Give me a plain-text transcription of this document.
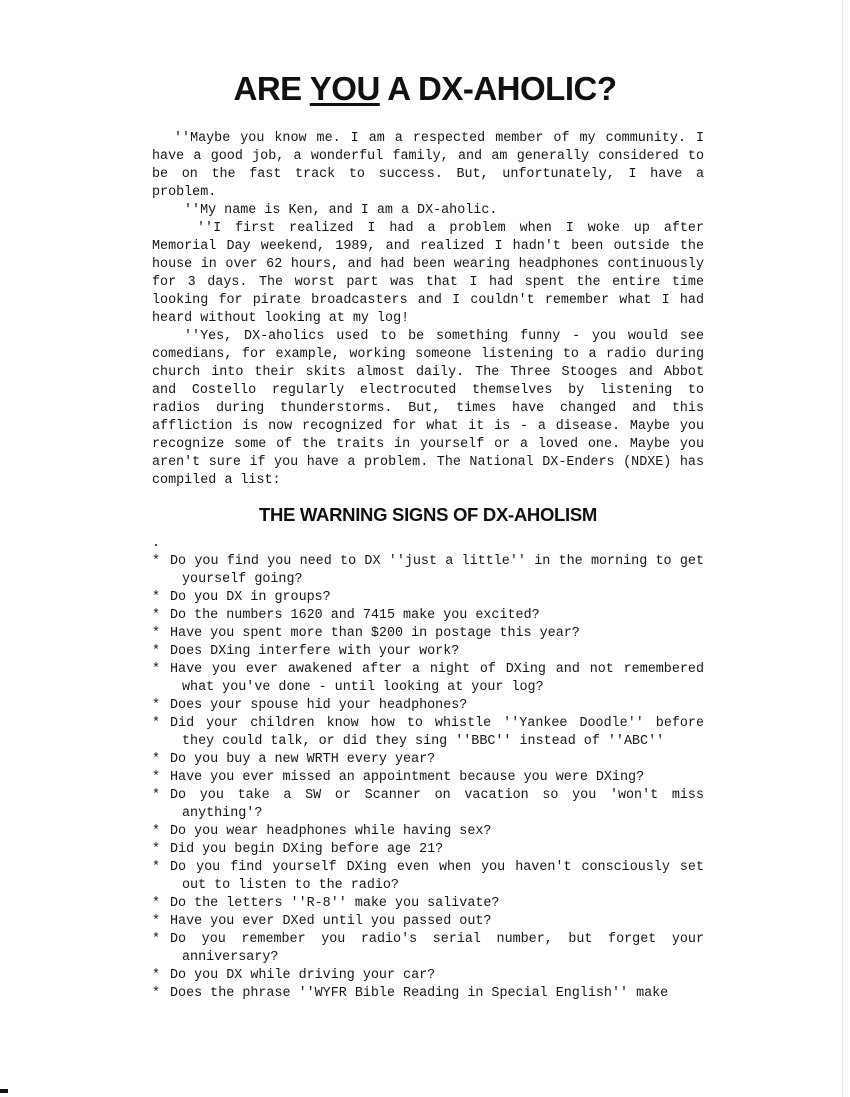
ARE YOU A DX-AHOLIC?

''Maybe you know me. I am a respected member of my community. I have a good job, a wonderful family, and am generally considered to be on the fast track to success. But, unfortunately, I have a problem.

''My name is Ken, and I am a DX-aholic.

''I first realized I had a problem when I woke up after Memorial Day weekend, 1989, and realized I hadn't been outside the house in over 62 hours, and had been wearing headphones continuously for 3 days. The worst part was that I had spent the entire time looking for pirate broadcasters and I couldn't remember what I had heard without looking at my log!

''Yes, DX-aholics used to be something funny - you would see comedians, for example, working someone listening to a radio during church into their skits almost daily. The Three Stooges and Abbot and Costello regularly electrocuted themselves by listening to radios during thunderstorms. But, times have changed and this affliction is now recognized for what it is - a disease. Maybe you recognize some of the traits in yourself or a loved one. Maybe you aren't sure if you have a problem. The National DX-Enders (NDXE) has compiled a list:

THE WARNING SIGNS OF DX-AHOLISM
.
* Do you find you need to DX ''just a little'' in the morning to get yourself going?
* Do you DX in groups?
* Do the numbers 1620 and 7415 make you excited?
* Have you spent more than $200 in postage this year?
* Does DXing interfere with your work?
* Have you ever awakened after a night of DXing and not remembered what you've done - until looking at your log?
* Does your spouse hid your headphones?
* Did your children know how to whistle ''Yankee Doodle'' before they could talk, or did they sing ''BBC'' instead of ''ABC''
* Do you buy a new WRTH every year?
* Have you ever missed an appointment because you were DXing?
* Do you take a SW or Scanner on vacation so you 'won't miss anything'?
* Do you wear headphones while having sex?
* Did you begin DXing before age 21?
* Do you find yourself DXing even when you haven't consciously set out to listen to the radio?
* Do the letters ''R-8'' make you salivate?
* Have you ever DXed until you passed out?
* Do you remember you radio's serial number, but forget your anniversary?
* Do you DX while driving your car?
* Does the phrase ''WYFR Bible Reading in Special English'' make
